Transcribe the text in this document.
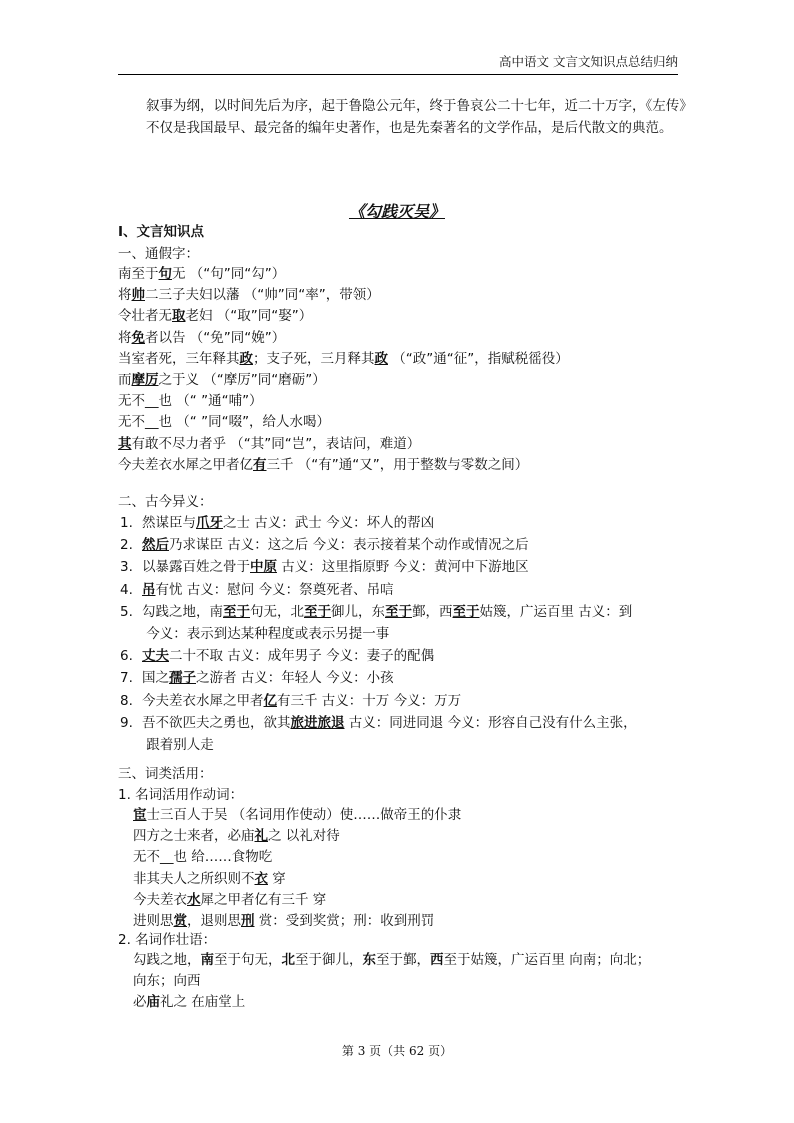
高中语文 文言文知识点总结归纳
叙事为纲，以时间先后为序，起于鲁隐公元年，终于鲁哀公二十七年，近二十万字，《左传》不仅是我国最早、最完备的编年史著作，也是先秦著名的文学作品，是后代散文的典范。
《勾践灭吴》
Ⅰ、文言知识点
一、通假字：
南至于句无 （“句”同“勾”）
将帅二三子夫妇以藩 （“帅”同“率”，带领）
令壮者无取老妇 （“取”同“娶”）
将免者以告 （“免”同“娩”）
当室者死，三年释其政；支子死，三月释其政 （“政”通“征”，指赋税徭役）
而摩厉之于义 （“摩厉”同“磨砺”）
无不__也 （“ ”通“哺”）
无不__也 （“ ”同“啜”，给人水喝）
其有敢不尽力者乎 （“其”同“岂”，表诘问，难道）
今夫差衣水犀之甲者亿有三千 （“有”通“又”，用于整数与零数之间）
二、古今异义：
1. 然谋臣与爪牙之士 古义：武士 今义：坏人的帮凶
2. 然后乃求谋臣 古义：这之后 今义：表示接着某个动作或情况之后
3. 以暴露百姓之骨于中原 古义：这里指原野 今义：黄河中下游地区
4. 吊有忧 古义：慰问 今义：祭奠死者、吊唁
5. 勾践之地，南至于句无，北至于御儿，东至于鄞，西至于姑篾，广运百里 古义：到
今义：表示到达某种程度或表示另提一事
6. 丈夫二十不取 古义：成年男子 今义：妻子的配偶
7. 国之孺子之游者 古义：年轻人 今义：小孩
8. 今夫差衣水犀之甲者亿有三千 古义：十万 今义：万万
9. 吾不欲匹夫之勇也，欲其旅进旅退 古义：同进同退 今义：形容自己没有什么主张，
跟着别人走
三、词类活用：
1. 名词活用作动词：
宦士三百人于吴 （名词用作使动）使……做帝王的仆隶
四方之士来者，必庙礼之 以礼对待
无不__也 给……食物吃
非其夫人之所织则不衣 穿
今夫差衣水犀之甲者亿有三千 穿
进则思赏，退则思刑 赏：受到奖赏；刑：收到刑罚
2. 名词作壮语：
勾践之地，南至于句无，北至于御儿，东至于鄞，西至于姑篾，广运百里 向南；向北；
向东；向西
必庙礼之 在庙堂上
第 3 页（共 62 页）
